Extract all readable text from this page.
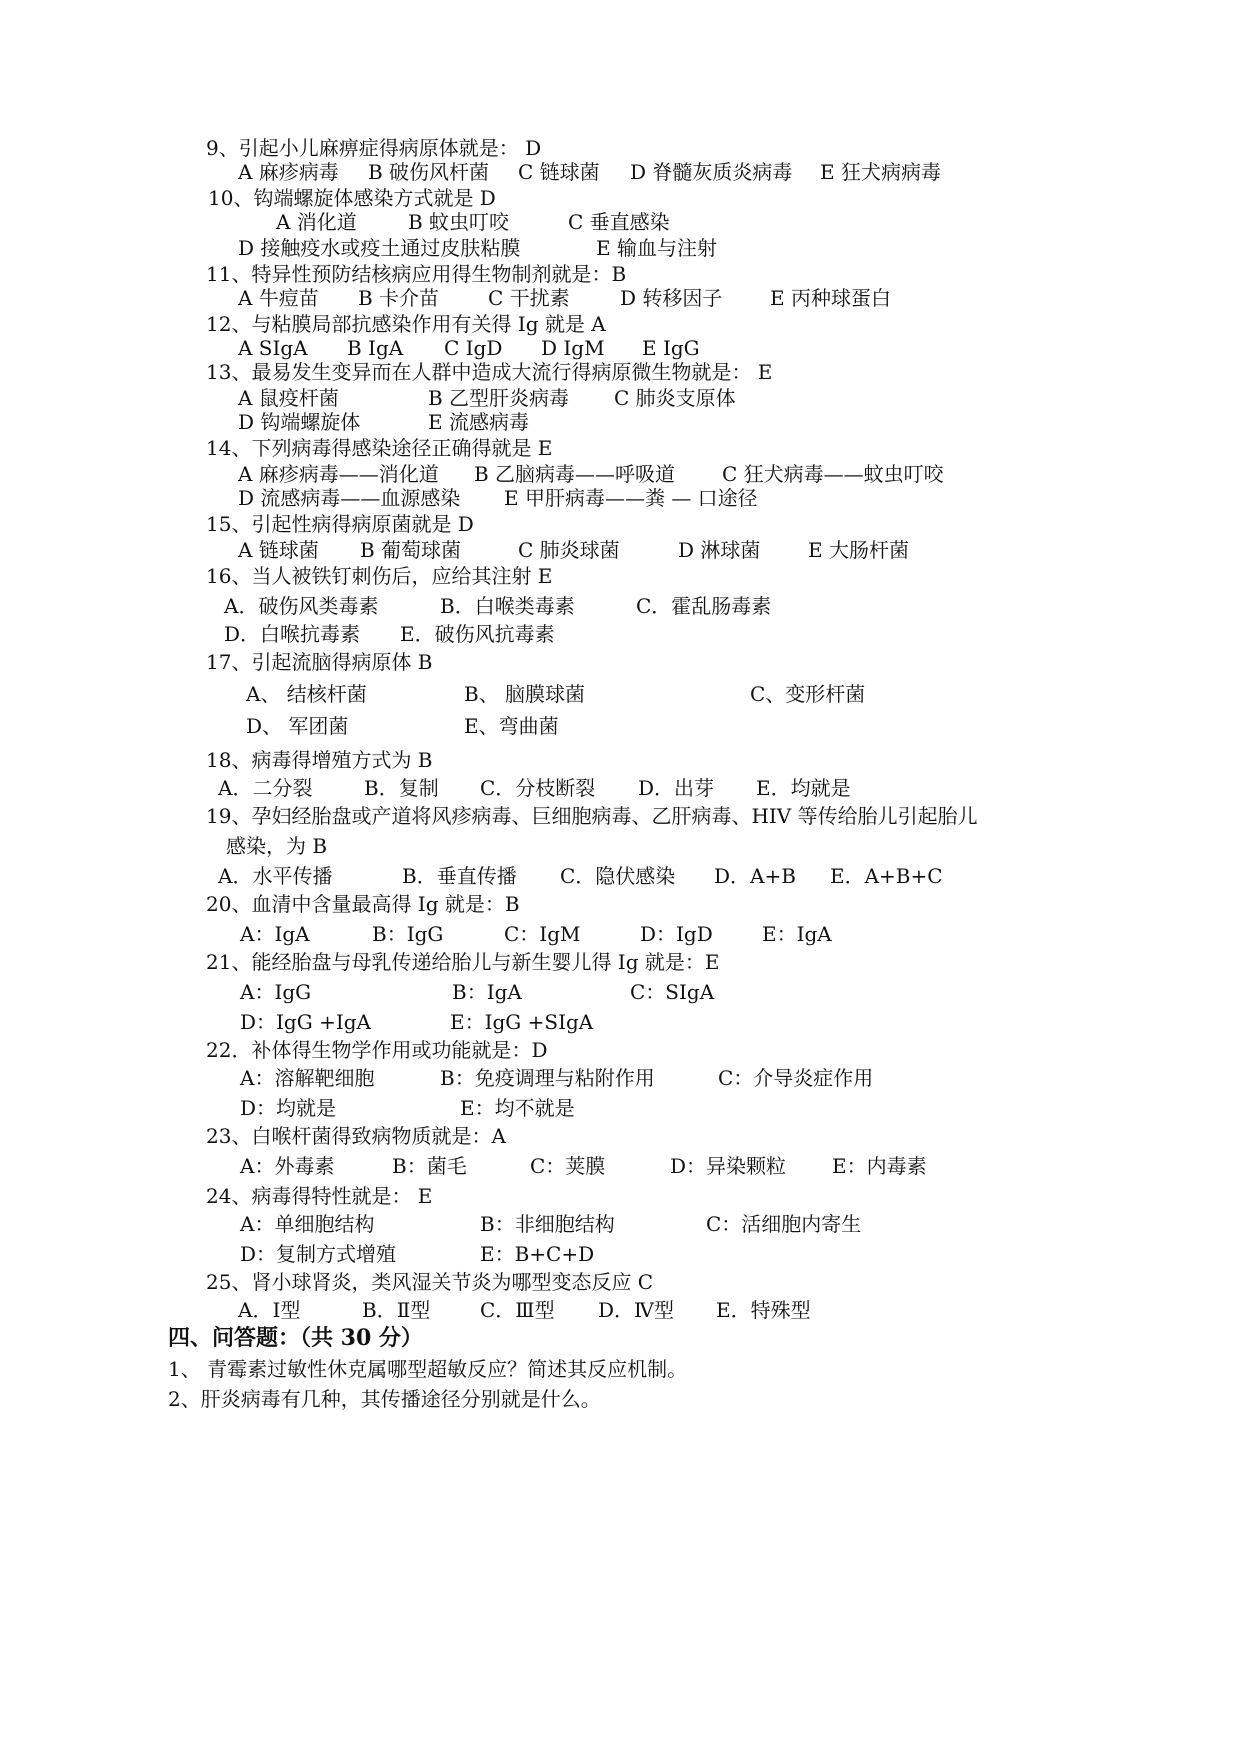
9、引起小儿麻痹症得病原体就是： D
A 麻疹病毒 B 破伤风杆菌 C 链球菌 D 脊髓灰质炎病毒 E 狂犬病病毒
10、钩端螺旋体感染方式就是 D
A 消化道	B 蚊虫叮咬	C 垂直感染
D 接触疫水或疫土通过皮肤粘膜	E 输血与注射
11、特异性预防结核病应用得生物制剂就是：B
A 牛痘苗 B 卡介苗 C 干扰素	D 转移因子 E 丙种球蛋白
12、与粘膜局部抗感染作用有关得 Ig 就是 A
A SIgA B IgA C IgD D IgM E IgG
13、最易发生变异而在人群中造成大流行得病原微生物就是： E
A 鼠疫杆菌	B 乙型肝炎病毒 C 肺炎支原体
D 钩端螺旋体	E 流感病毒
14、下列病毒得感染途径正确得就是 E
A 麻疹病毒——消化道 B 乙脑病毒——呼吸道 C 狂犬病毒——蚊虫叮咬
D 流感病毒——血源感染 E 甲肝病毒——粪 — 口途径
15、引起性病得病原菌就是 D
A 链球菌 B 葡萄球菌	C 肺炎球菌	D 淋球菌 E 大肠杆菌
16、当人被铁钉刺伤后，应给其注射 E
A．破伤风类毒素	B．白喉类毒素	C．霍乱肠毒素
D．白喉抗毒素 E．破伤风抗毒素
17、引起流脑得病原体 B
A、 结核杆菌	B、 脑膜球菌	C、变形杆菌
D、 军团菌	E、弯曲菌
18、病毒得增殖方式为 B
A．二分裂	B．复制 C．分枝断裂 D．出芽 E．均就是
19、孕妇经胎盘或产道将风疹病毒、巨细胞病毒、乙肝病毒、HIV 等传给胎儿引起胎儿
感染，为 B
A．水平传播	B．垂直传播 C．隐伏感染 D．A+B E．A+B+C
20、血清中含量最高得 Ig 就是：B
A：IgA	B：IgG	C：IgM	D：IgD E：IgA
21、能经胎盘与母乳传递给胎儿与新生婴儿得 Ig 就是：E
A：IgG	B：IgA	C：SIgA
D：IgG +IgA	E：IgG +SIgA
22．补体得生物学作用或功能就是：D
A：溶解靶细胞	B：免疫调理与粘附作用	C：介导炎症作用
D：均就是	E：均不就是
23、白喉杆菌得致病物质就是：A
A：外毒素	B：菌毛	C：荚膜	D：异染颗粒 E：内毒素
24、病毒得特性就是： E
A：单细胞结构	B：非细胞结构	C：活细胞内寄生
D：复制方式增殖	E：B+C+D
25、肾小球肾炎，类风湿关节炎为哪型变态反应 C
A．Ⅰ型	B．Ⅱ型 C．Ⅲ型 D．Ⅳ型 E．特殊型
四、问答题：（共 30 分）
1、 青霉素过敏性休克属哪型超敏反应？简述其反应机制。
2、肝炎病毒有几种，其传播途径分别就是什么。
